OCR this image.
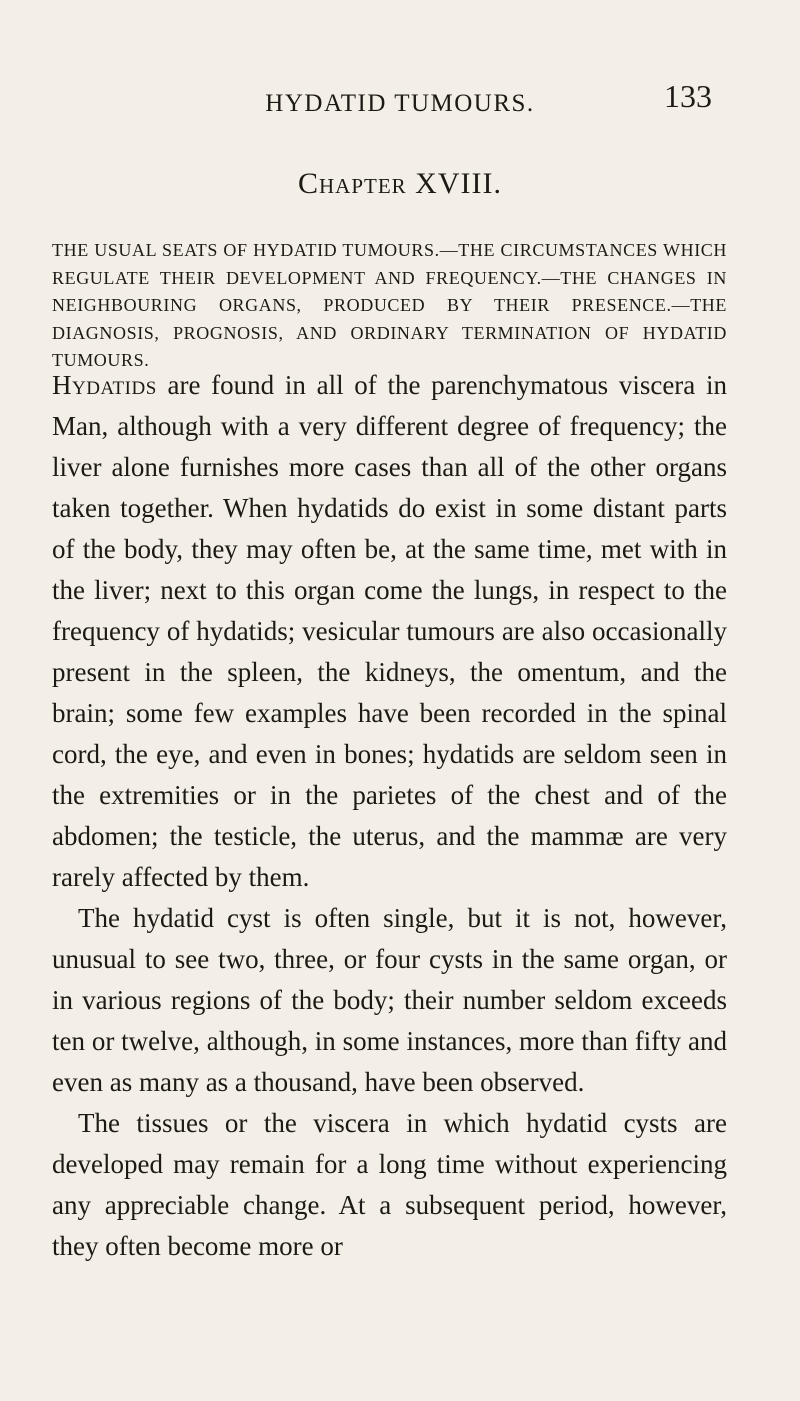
HYDATID TUMOURS.	133
Chapter XVIII.

THE USUAL SEATS OF HYDATID TUMOURS.—THE CIRCUMSTANCES WHICH REGULATE THEIR DEVELOPMENT AND FREQUENCY.—THE CHANGES IN NEIGHBOURING ORGANS, PRODUCED BY THEIR PRESENCE.—THE DIAGNOSIS, PROGNOSIS, AND ORDINARY TERMINATION OF HYDATID TUMOURS.

Hydatids are found in all of the parenchymatous viscera in Man, although with a very different degree of frequency; the liver alone furnishes more cases than all of the other organs taken together. When hydatids do exist in some distant parts of the body, they may often be, at the same time, met with in the liver; next to this organ come the lungs, in respect to the frequency of hydatids; vesicular tumours are also occasionally present in the spleen, the kidneys, the omentum, and the brain; some few examples have been recorded in the spinal cord, the eye, and even in bones; hydatids are seldom seen in the extremities or in the parietes of the chest and of the abdomen; the testicle, the uterus, and the mammæ are very rarely affected by them.

The hydatid cyst is often single, but it is not, however, unusual to see two, three, or four cysts in the same organ, or in various regions of the body; their number seldom exceeds ten or twelve, although, in some instances, more than fifty and even as many as a thousand, have been observed.

The tissues or the viscera in which hydatid cysts are developed may remain for a long time without experiencing any appreciable change. At a subsequent period, however, they often become more or
